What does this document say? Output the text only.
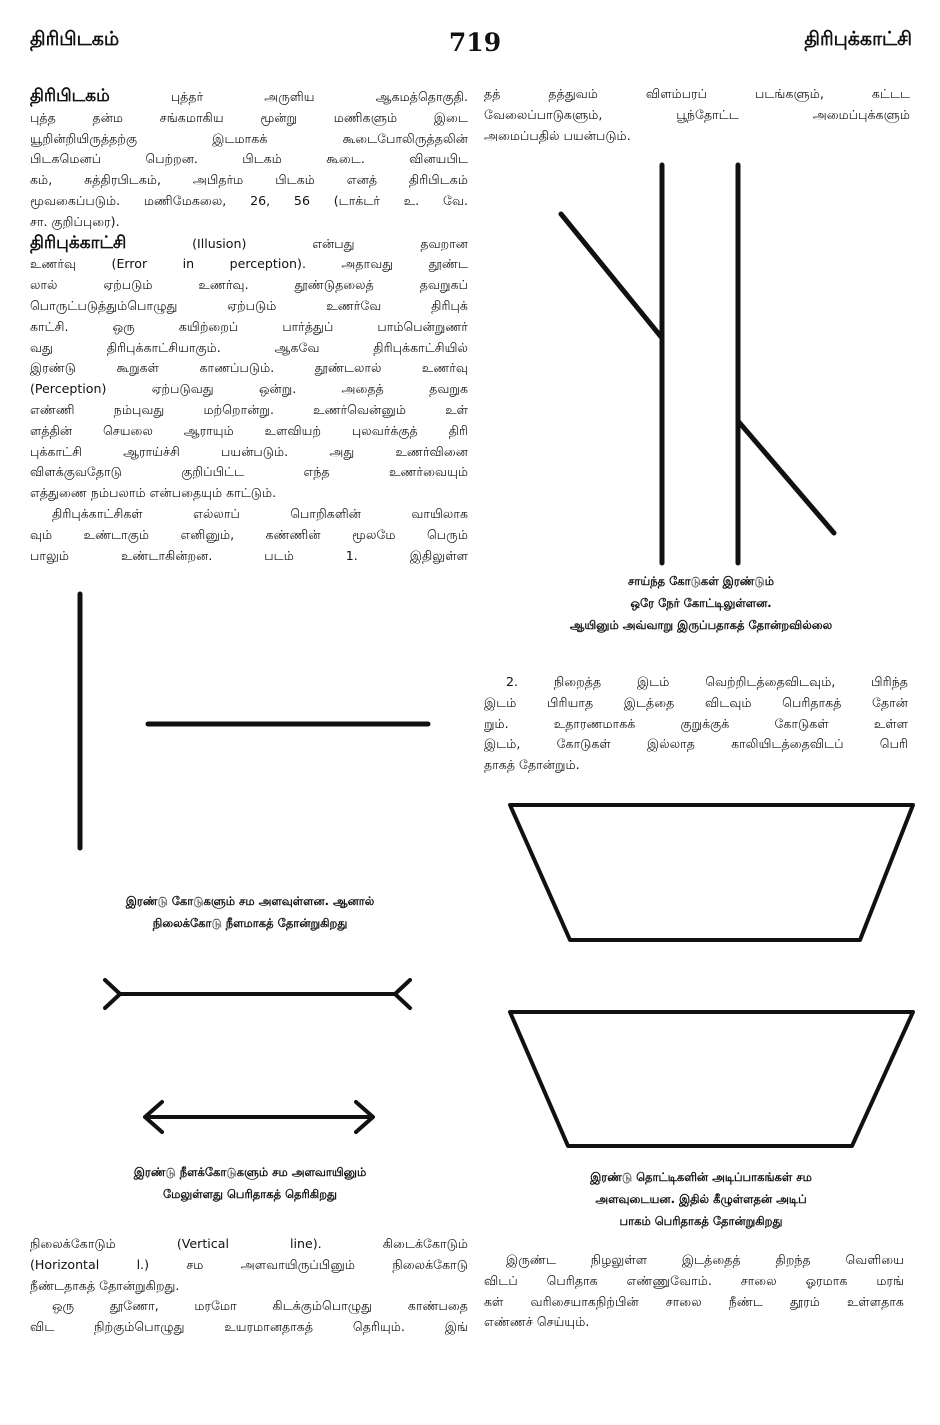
திரிபிடகம்	719	திரிபுக்காட்சி

திரிபிடகம்	புத்தர் அருளிய ஆகமத்தொகுதி.

புத்த தன்ம சங்கமாகிய மூன்று மணிகளும் இடை

யூறின்றியிருத்தற்கு இடமாகக் கூடைபோலிருத்தலின்

பிடகமெனப் பெற்றன. பிடகம் கூடை. வினயபிட

கம், சுத்திரபிடகம், அபிதர்ம பிடகம் எனத் திரிபிடகம்

மூவகைப்படும். மணிமேகலை, 26, 56 (டாக்டர் உ. வே.

சா. குறிப்புரை).

திரிபுக்காட்சி	(Illusion) என்பது தவறான

உணர்வு (Error in perception). அதாவது தூண்ட

லால் ஏற்படும் உணர்வு. தூண்டுதலைத் தவறுகப்

பொருட்படுத்தும்பொழுது ஏற்படும் உணர்வே திரிபுக்

காட்சி. ஒரு கயிற்றைப் பார்த்துப் பாம்பென்றுணர்

வது திரிபுக்காட்சியாகும். ஆகவே திரிபுக்காட்சியில்

இரண்டு கூறுகள் காணப்படும். தூண்டலால் உணர்வு

(Perception) ஏற்படுவது ஒன்று. அதைத் தவறுக

எண்ணி நம்புவது மற்றொன்று. உணர்வென்னும் உள்

ளத்தின் செயலை ஆராயும் உளவியற் புலவர்க்குத் திரி

புக்காட்சி ஆராய்ச்சி பயன்படும். அது உணர்வினை

விளக்குவதோடு குறிப்பிட்ட எந்த உணர்வையும்

எத்துணை நம்பலாம் என்பதையும் காட்டும்.

திரிபுக்காட்சிகள் எல்லாப் பொறிகளின் வாயிலாக

வும் உண்டாகும் எனினும், கண்ணின் மூலமே பெரும்

பாலும் உண்டாகின்றன. படம் 1. இதிலுள்ள

தத் தத்துவம் விளம்பரப் படங்களும், கட்டட

வேலைப்பாடுகளும், பூந்தோட்ட அமைப்புக்களும்

அமைப்பதில் பயன்படும்.

2.	நிறைத்த இடம் வெற்றிடத்தைவிடவும், பிரிந்த

இடம் பிரியாத இடத்தை விடவும் பெரிதாகத் தோன்

றும். உதாரணமாகக் குறுக்குக் கோடுகள் உள்ள

இடம், கோடுகள் இல்லாத காலியிடத்தைவிடப் பெரி

தாகத் தோன்றும்.

நிலைக்கோடும் (Vertical line). கிடைக்கோடும்

(Horizontal l.) சம அளவாயிருப்பினும் நிலைக்கோடு

நீண்டதாகத் தோன்றுகிறது.

ஒரு தூணோ, மரமோ கிடக்கும்பொழுது காண்பதை

விட நிற்கும்பொழுது உயரமானதாகத் தெரியும். இங்

இருண்ட நிழலுள்ள இடத்தைத் திறந்த வெளியை

விடப் பெரிதாக எண்ணுவோம். சாலை ஓரமாக மரங்

கள் வரிசையாகநிற்பின் சாலை நீண்ட தூரம் உள்ளதாக

எண்ணச் செய்யும்.

சாய்ந்த கோடுகள் இரண்டும்
ஒரே நேர் கோட்டிலுள்ளன.
ஆயினும் அவ்வாறு இருப்பதாகத் தோன்றவில்லை
இரண்டு கோடுகளும் சம அளவுள்ளன. ஆனால்
நிலைக்கோடு நீளமாகத் தோன்றுகிறது
இரண்டு நீளக்கோடுகளும் சம அளவாயினும்
மேலுள்ளது பெரிதாகத் தெரிகிறது
இரண்டு தொட்டிகளின் அடிப்பாகங்கள் சம
அளவுடையன. இதில் கீழுள்ளதன் அடிப்
பாகம் பெரிதாகத் தோன்றுகிறது
